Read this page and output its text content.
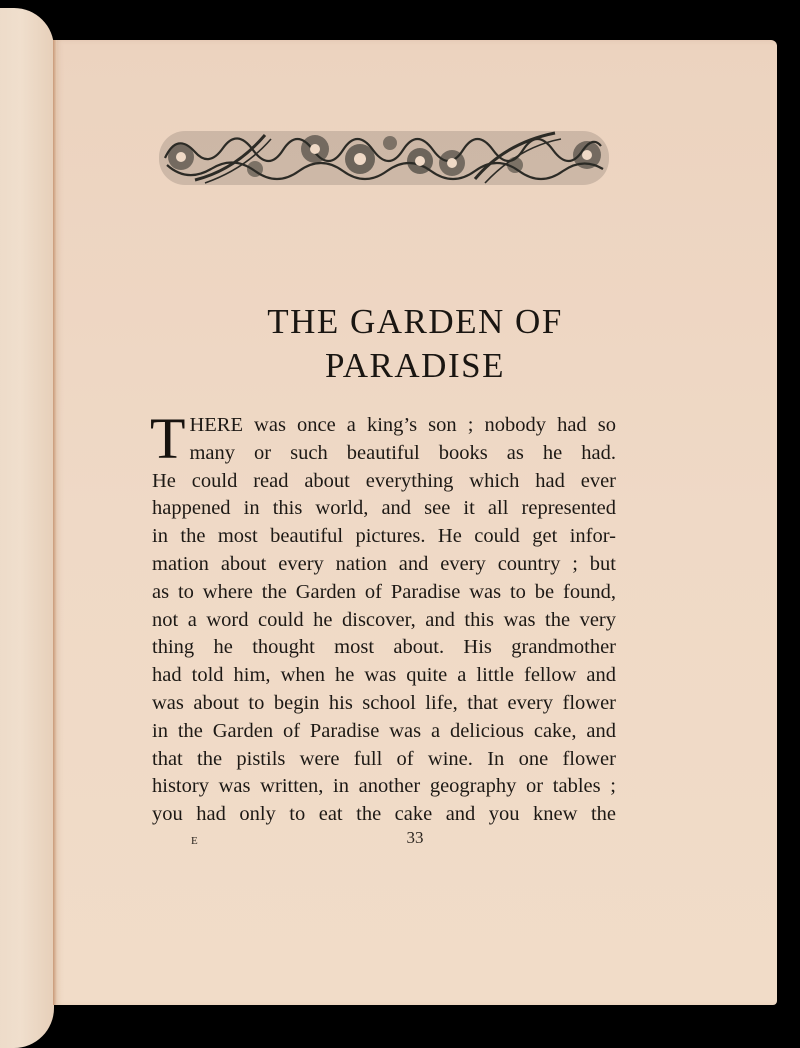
THE GARDEN OF
PARADISE
T HERE was once a king’s son ; nobody had so
many or such beautiful books as he had.
He could read about everything which had ever
happened in this world, and see it all represented
in the most beautiful pictures. He could get infor-
mation about every nation and every country ; but
as to where the Garden of Paradise was to be found,
not a word could he discover, and this was the very
thing he thought most about. His grandmother
had told him, when he was quite a little fellow and
was about to begin his school life, that every flower
in the Garden of Paradise was a delicious cake, and
that the pistils were full of wine. In one flower
history was written, in another geography or tables ;
you had only to eat the cake and you knew the
E	33
